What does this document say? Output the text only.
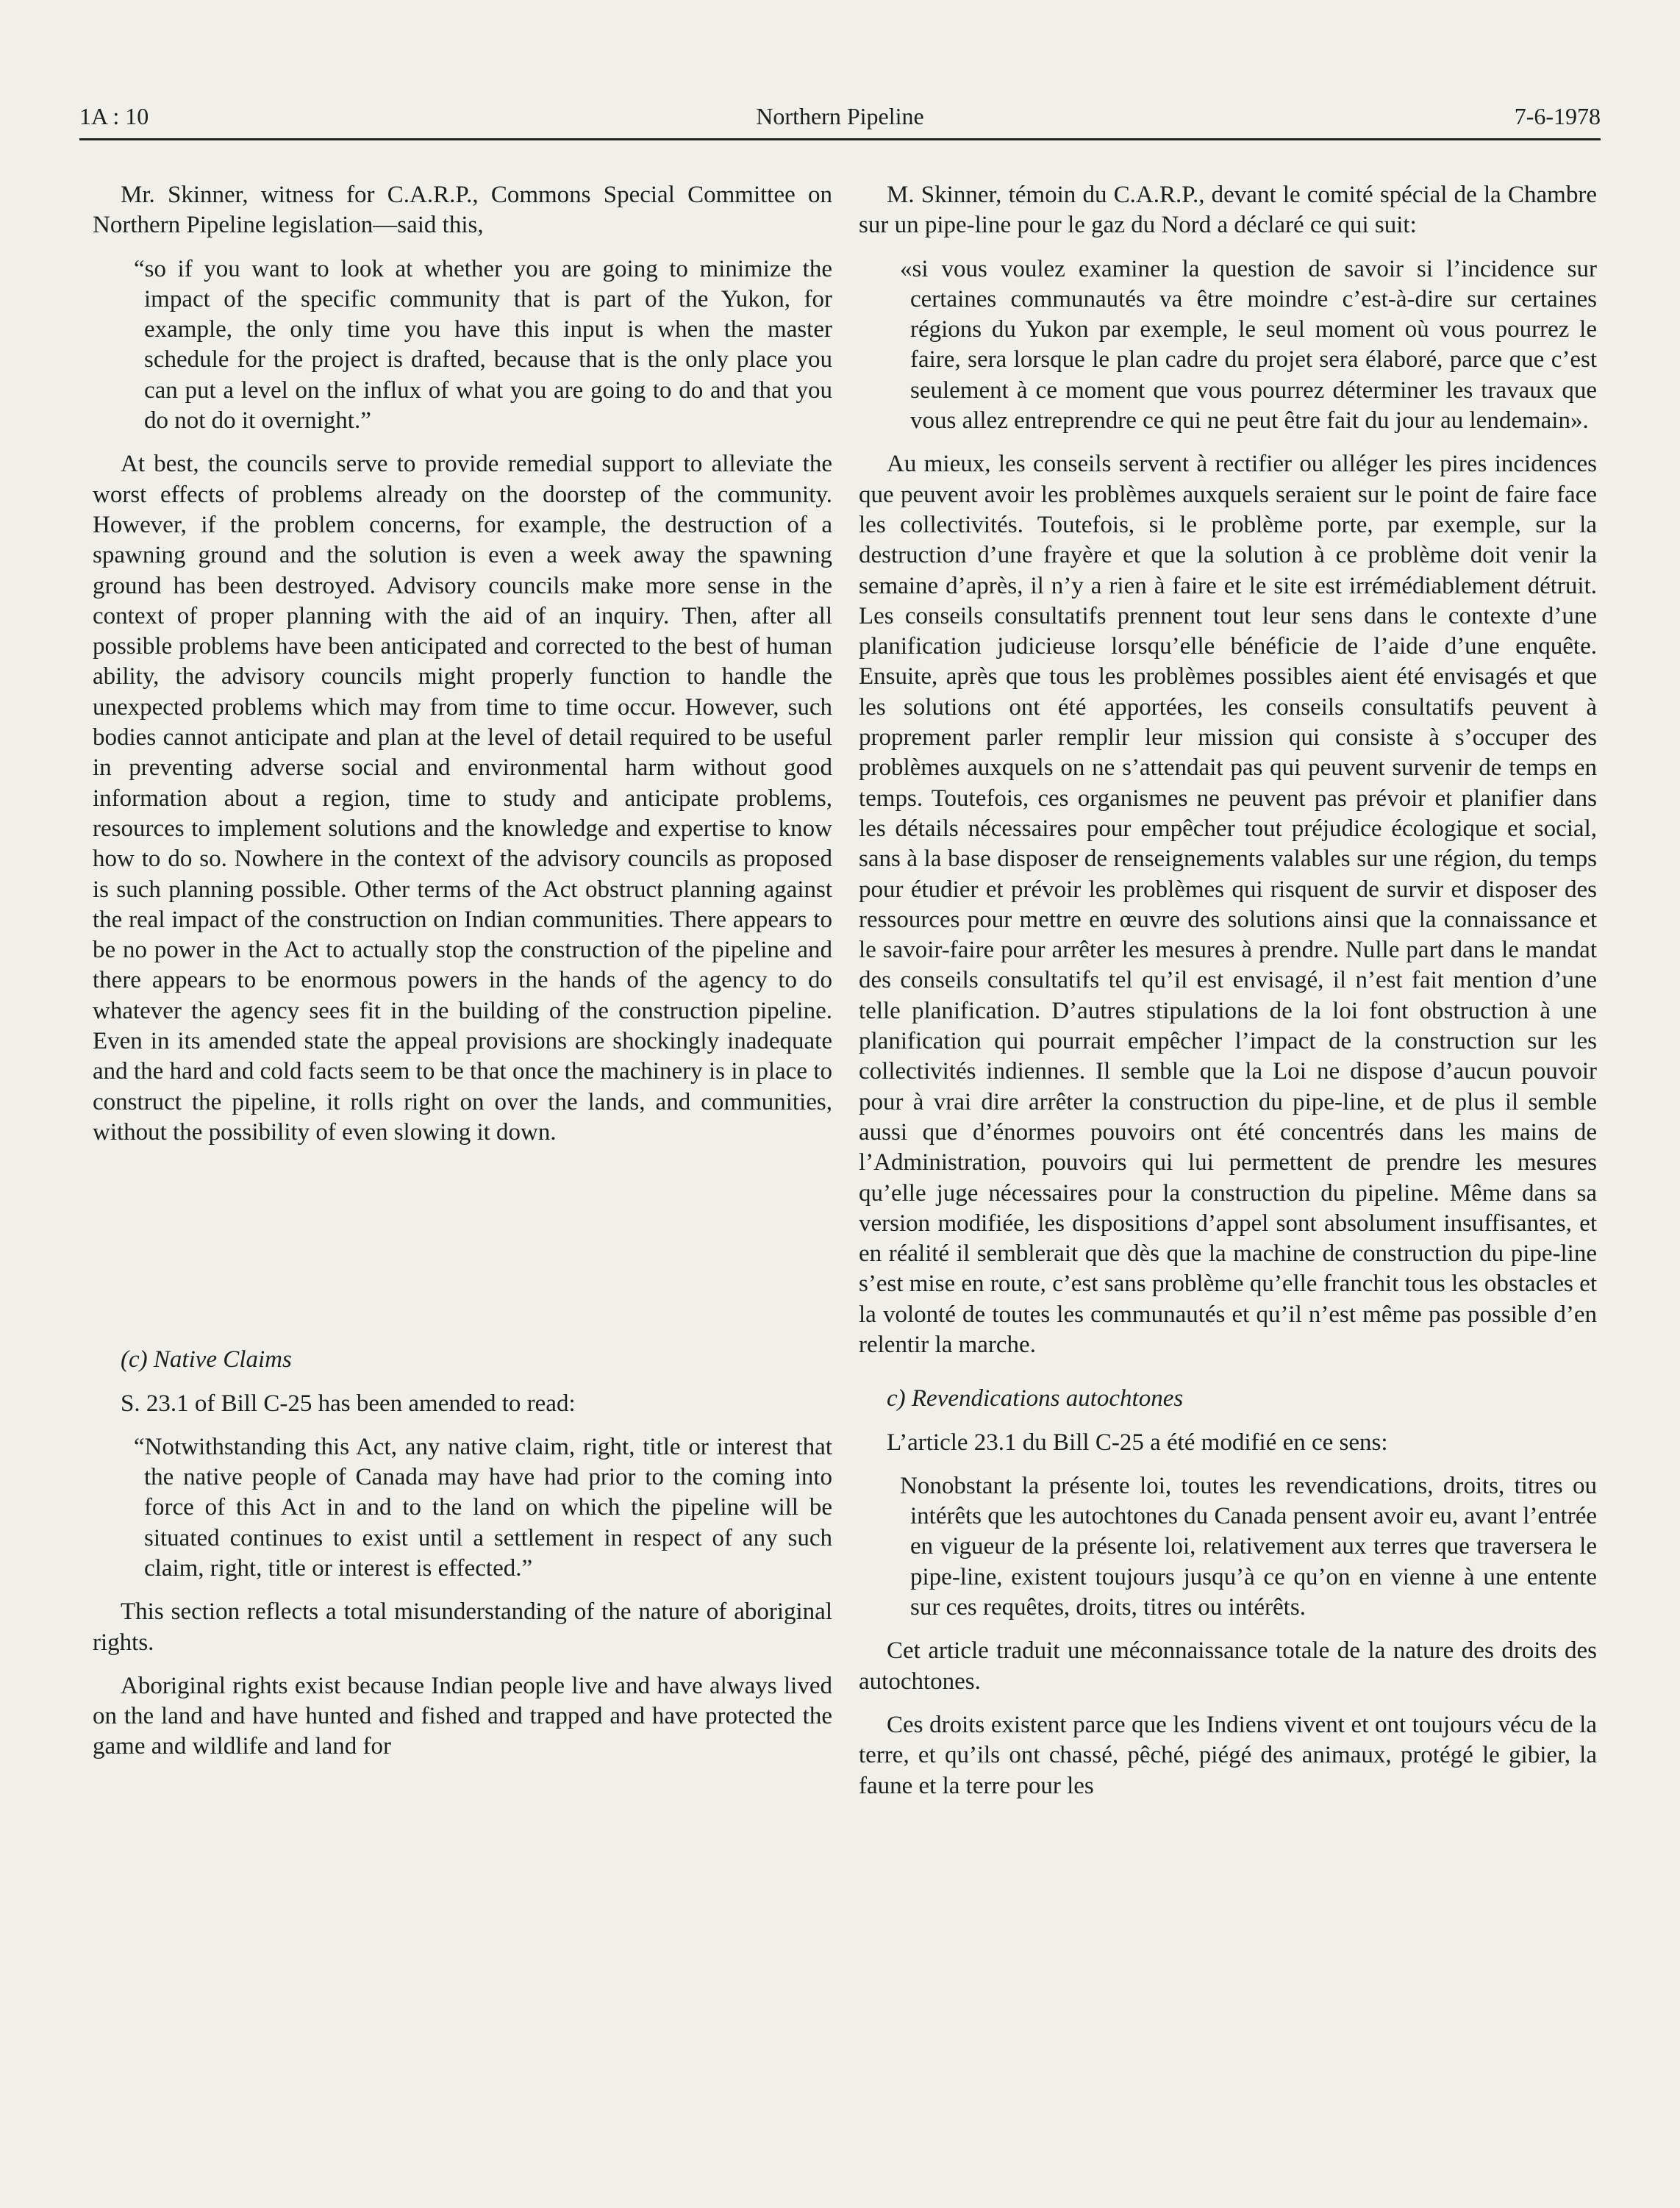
Northern Pipeline
1A : 10	7-6-1978

Mr. Skinner, witness for C.A.R.P., Commons Special Committee on Northern Pipeline legislation—said this,

“so if you want to look at whether you are going to minimize the impact of the specific community that is part of the Yukon, for example, the only time you have this input is when the master schedule for the project is drafted, because that is the only place you can put a level on the influx of what you are going to do and that you do not do it overnight.”

At best, the councils serve to provide remedial support to alleviate the worst effects of problems already on the doorstep of the community. However, if the problem concerns, for example, the destruction of a spawning ground and the solution is even a week away the spawning ground has been destroyed. Advisory councils make more sense in the context of proper planning with the aid of an inquiry. Then, after all possible problems have been anticipated and corrected to the best of human ability, the advisory councils might properly function to handle the unexpected problems which may from time to time occur. However, such bodies cannot anticipate and plan at the level of detail required to be useful in preventing adverse social and environmental harm without good information about a region, time to study and anticipate problems, resources to implement solutions and the knowledge and expertise to know how to do so. Nowhere in the context of the advisory councils as proposed is such planning possible. Other terms of the Act obstruct planning against the real impact of the construction on Indian communities. There appears to be no power in the Act to actually stop the construction of the pipeline and there appears to be enormous powers in the hands of the agency to do whatever the agency sees fit in the building of the construction pipeline. Even in its amended state the appeal provisions are shockingly inadequate and the hard and cold facts seem to be that once the machinery is in place to construct the pipeline, it rolls right on over the lands, and communities, without the possibility of even slowing it down.

(c) Native Claims

S. 23.1 of Bill C-25 has been amended to read:

“Notwithstanding this Act, any native claim, right, title or interest that the native people of Canada may have had prior to the coming into force of this Act in and to the land on which the pipeline will be situated continues to exist until a settlement in respect of any such claim, right, title or interest is effected.”

This section reflects a total misunderstanding of the nature of aboriginal rights.

Aboriginal rights exist because Indian people live and have always lived on the land and have hunted and fished and trapped and have protected the game and wildlife and land for

M. Skinner, témoin du C.A.R.P., devant le comité spécial de la Chambre sur un pipe-line pour le gaz du Nord a déclaré ce qui suit:

«si vous voulez examiner la question de savoir si l’incidence sur certaines communautés va être moindre c’est-à-dire sur certaines régions du Yukon par exemple, le seul moment où vous pourrez le faire, sera lorsque le plan cadre du projet sera élaboré, parce que c’est seulement à ce moment que vous pourrez déterminer les travaux que vous allez entreprendre ce qui ne peut être fait du jour au lendemain».

Au mieux, les conseils servent à rectifier ou alléger les pires incidences que peuvent avoir les problèmes auxquels seraient sur le point de faire face les collectivités. Toutefois, si le problème porte, par exemple, sur la destruction d’une frayère et que la solution à ce problème doit venir la semaine d’après, il n’y a rien à faire et le site est irrémédiablement détruit. Les conseils consultatifs prennent tout leur sens dans le contexte d’une planification judicieuse lorsqu’elle bénéficie de l’aide d’une enquête. Ensuite, après que tous les problèmes possibles aient été envisagés et que les solutions ont été apportées, les conseils consultatifs peuvent à proprement parler remplir leur mission qui consiste à s’occuper des problèmes auxquels on ne s’attendait pas qui peuvent survenir de temps en temps. Toutefois, ces organismes ne peuvent pas prévoir et planifier dans les détails nécessaires pour empêcher tout préjudice écologique et social, sans à la base disposer de renseignements valables sur une région, du temps pour étudier et prévoir les problèmes qui risquent de survir et disposer des ressources pour mettre en œuvre des solutions ainsi que la connaissance et le savoir-faire pour arrêter les mesures à prendre. Nulle part dans le mandat des conseils consultatifs tel qu’il est envisagé, il n’est fait mention d’une telle planification. D’autres stipulations de la loi font obstruction à une planification qui pourrait empêcher l’impact de la construction sur les collectivités indiennes. Il semble que la Loi ne dispose d’aucun pouvoir pour à vrai dire arrêter la construction du pipe-line, et de plus il semble aussi que d’énormes pouvoirs ont été concentrés dans les mains de l’Administration, pouvoirs qui lui permettent de prendre les mesures qu’elle juge nécessaires pour la construction du pipeline. Même dans sa version modifiée, les dispositions d’appel sont absolument insuffisantes, et en réalité il semblerait que dès que la machine de construction du pipe-line s’est mise en route, c’est sans problème qu’elle franchit tous les obstacles et la volonté de toutes les communautés et qu’il n’est même pas possible d’en relentir la marche.

c) Revendications autochtones

L’article 23.1 du Bill C-25 a été modifié en ce sens:

Nonobstant la présente loi, toutes les revendications, droits, titres ou intérêts que les autochtones du Canada pensent avoir eu, avant l’entrée en vigueur de la présente loi, relativement aux terres que traversera le pipe-line, existent toujours jusqu’à ce qu’on en vienne à une entente sur ces requêtes, droits, titres ou intérêts.

Cet article traduit une méconnaissance totale de la nature des droits des autochtones.

Ces droits existent parce que les Indiens vivent et ont toujours vécu de la terre, et qu’ils ont chassé, pêché, piégé des animaux, protégé le gibier, la faune et la terre pour les
